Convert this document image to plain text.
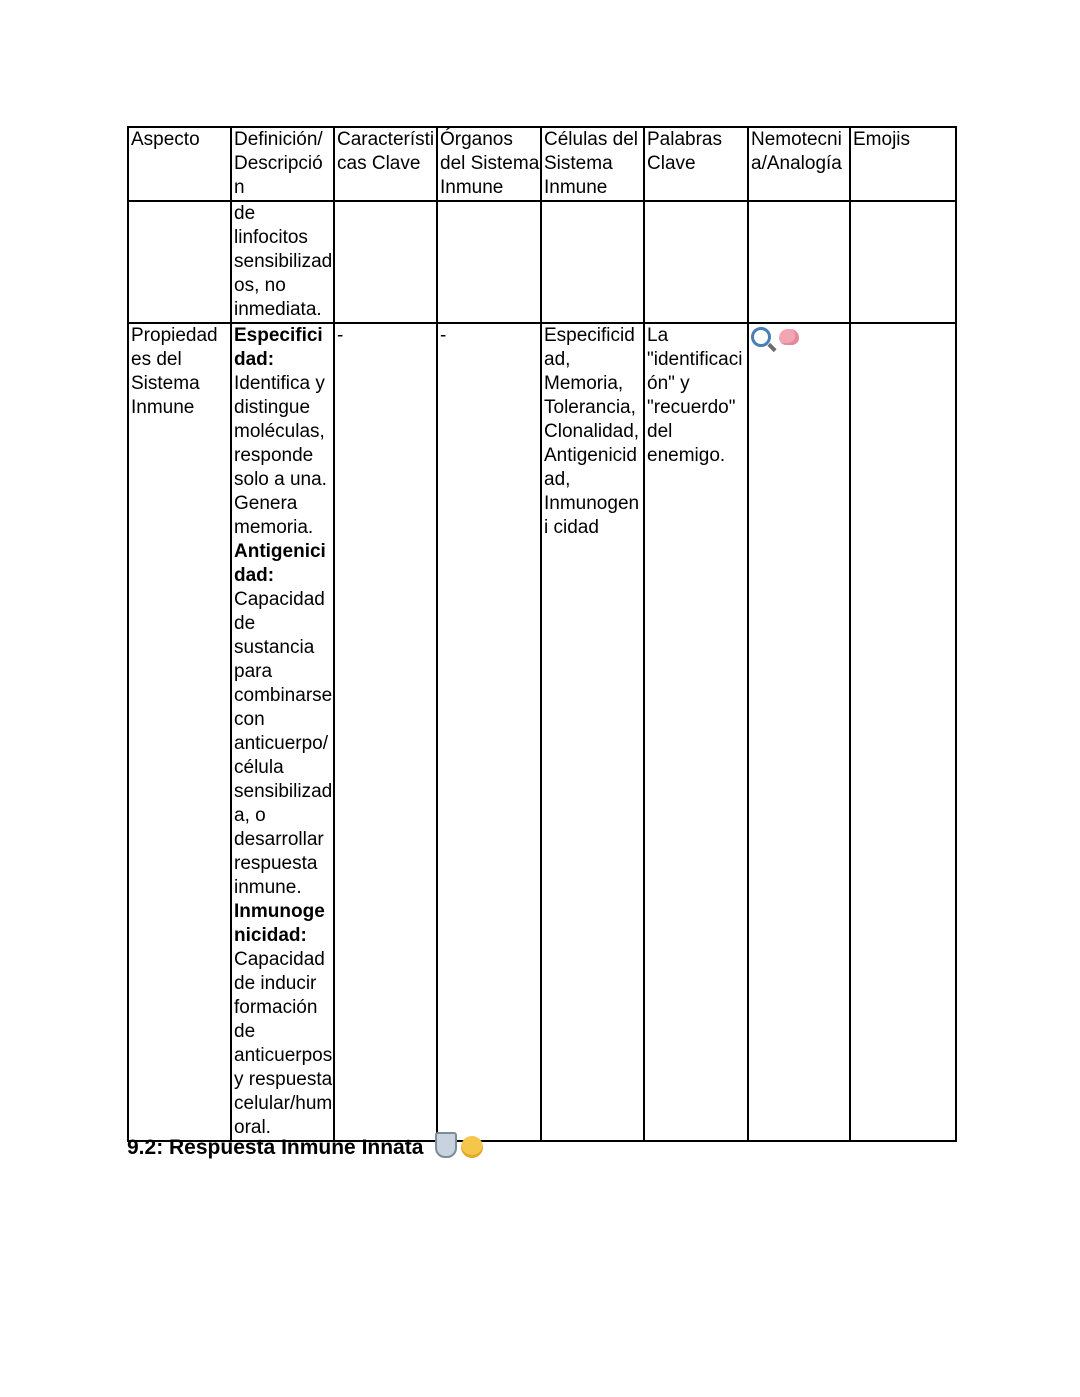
Aspecto	Definición/ Descripción	Característi cas Clave	Órganos del Sistema Inmune	Células del Sistema Inmune	Palabras Clave	Nemotecni a/Analogía	Emojis
	de linfocitos sensibilizad os, no inmediata.						
Propiedad es del Sistema Inmune	Especifici dad: Identifica y distingue moléculas, responde solo a una. Genera memoria.
Antigenici dad:
Capacidad de sustancia para combinarse con anticuerpo/ célula sensibilizad a, o desarrollar respuesta inmune.
Inmunoge nicidad:
Capacidad de inducir formación de anticuerpos y respuesta celular/hum oral.	-	-	Especificid ad, Memoria, Tolerancia, Clonalidad, Antigenicid ad, Inmunogeni cidad	La "identificaci ón" y "recuerdo" del enemigo.		
9.2: Respuesta Inmune Innata
